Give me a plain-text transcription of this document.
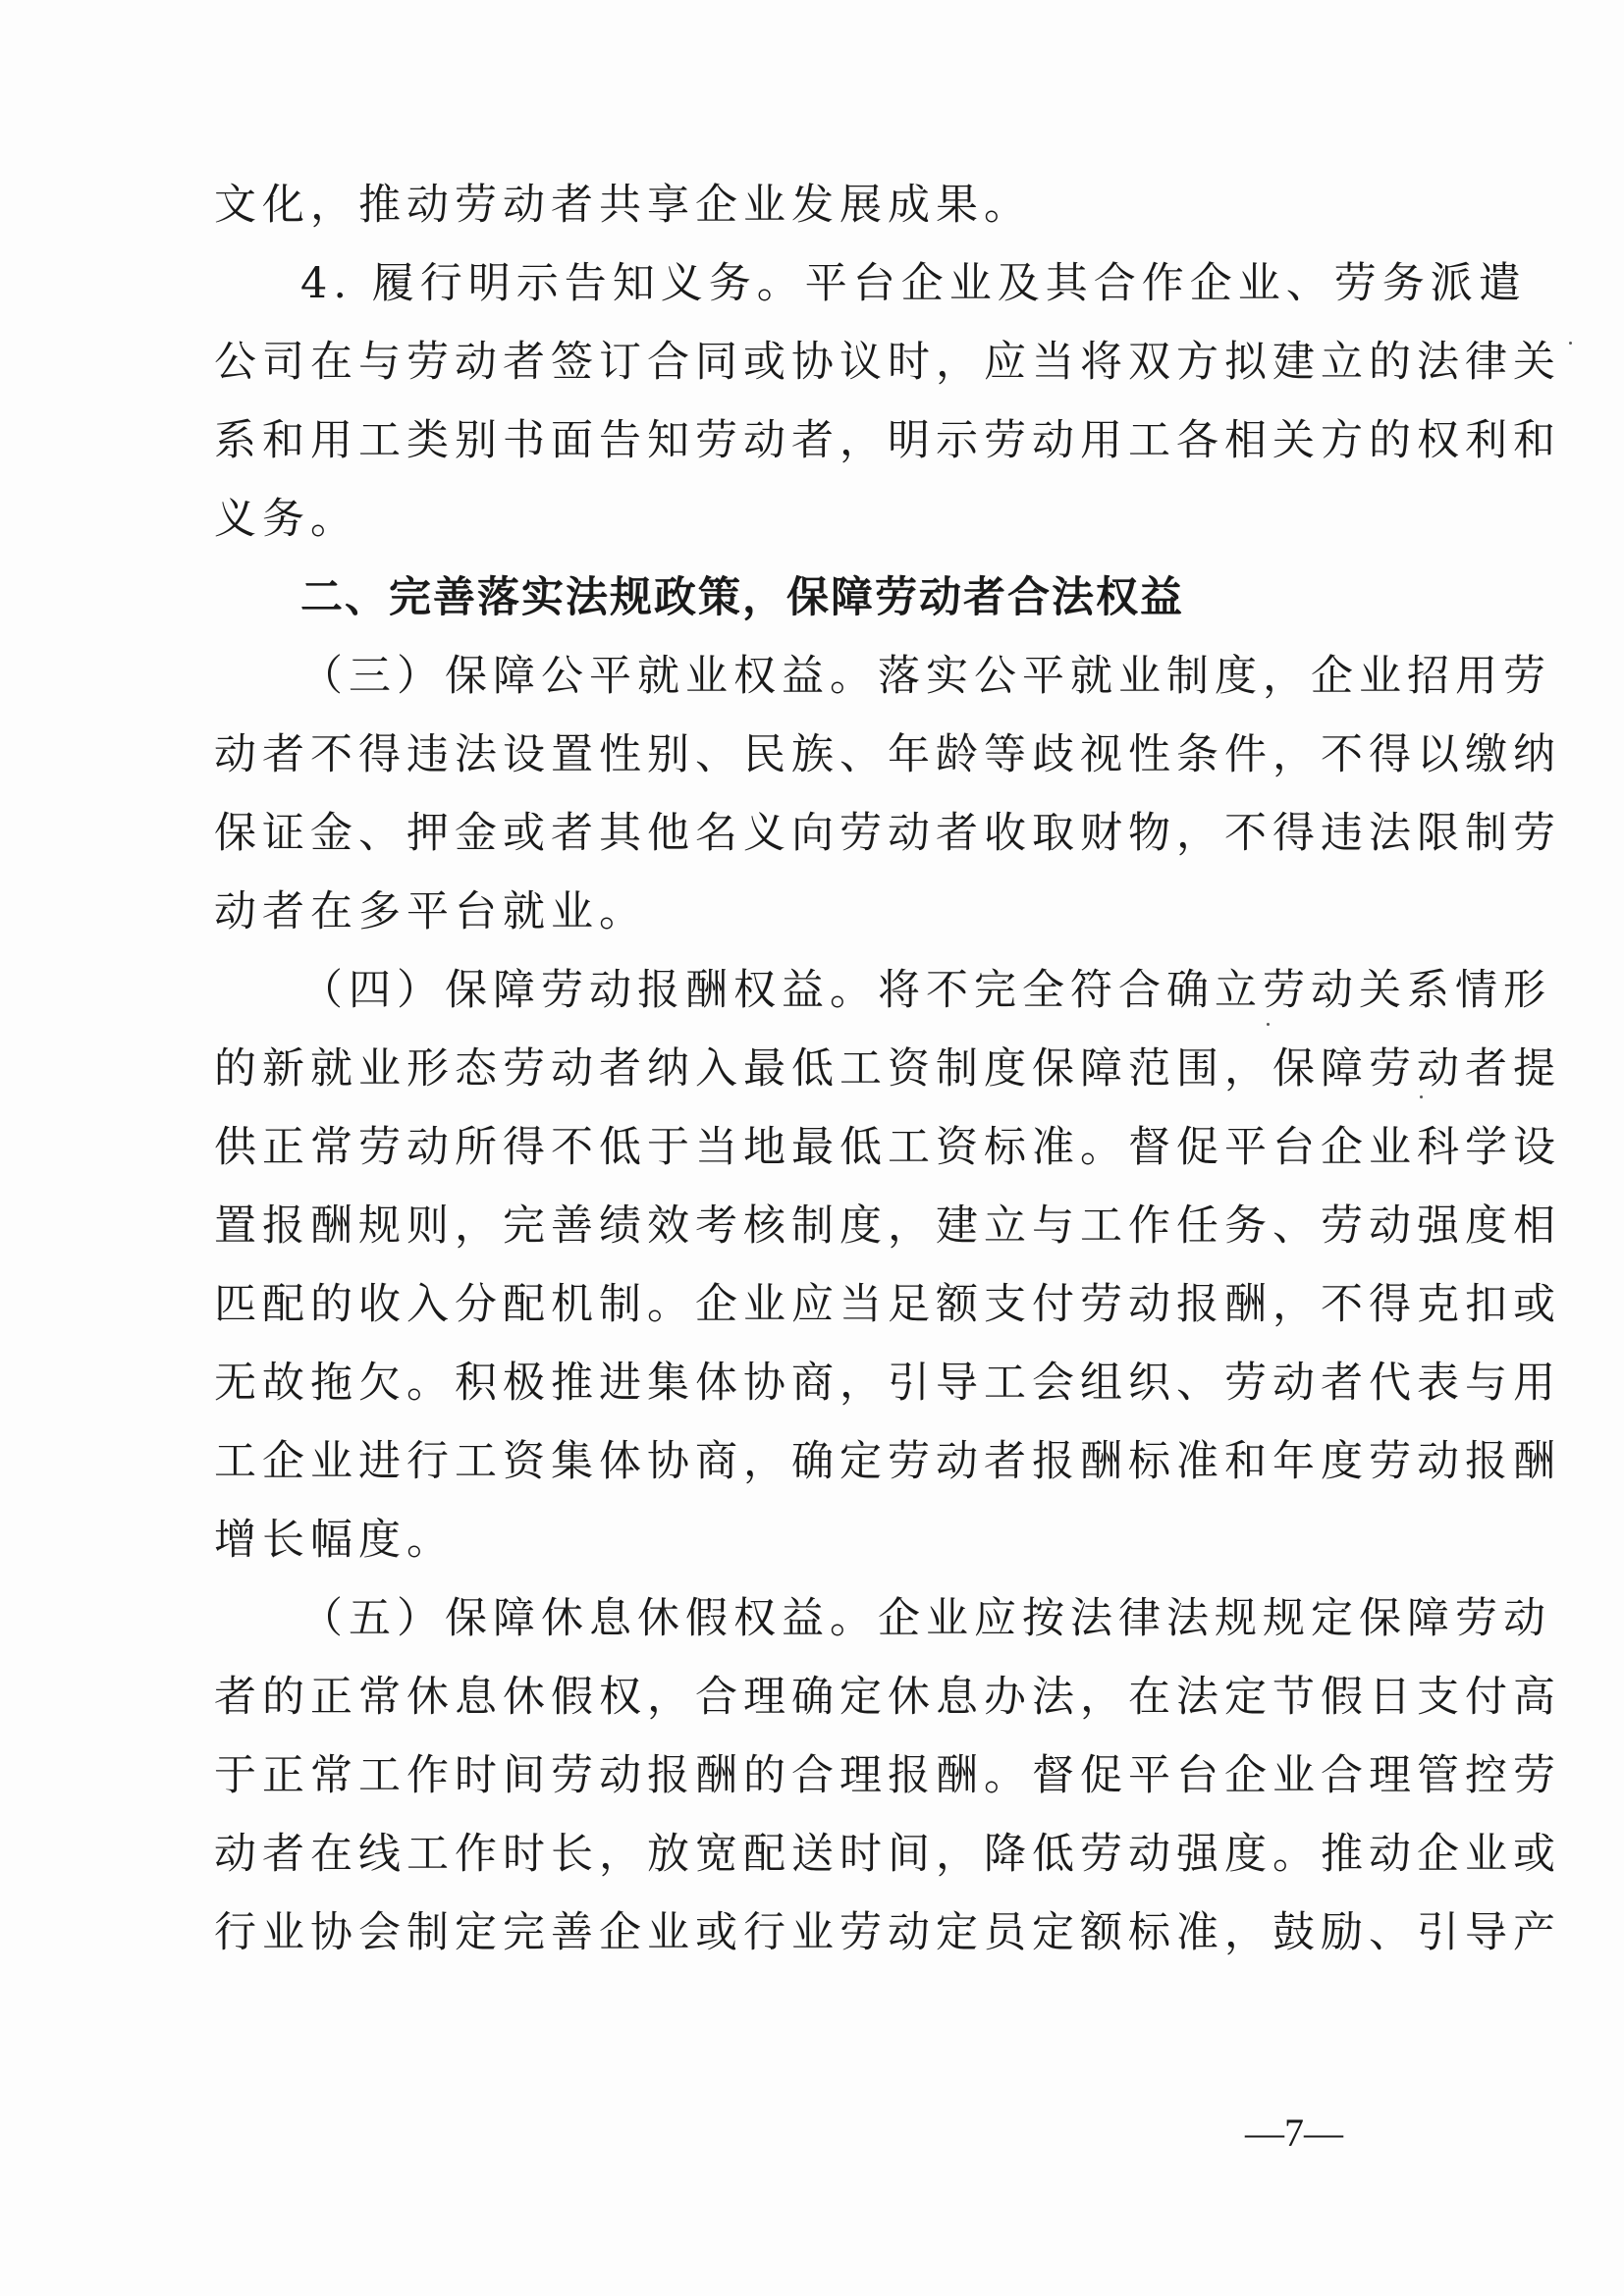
文化，推动劳动者共享企业发展成果。
4. 履行明示告知义务。平台企业及其合作企业、劳务派遣
公司在与劳动者签订合同或协议时，应当将双方拟建立的法律关
系和用工类别书面告知劳动者，明示劳动用工各相关方的权利和
义务。
二、完善落实法规政策，保障劳动者合法权益
（三）保障公平就业权益。落实公平就业制度，企业招用劳
动者不得违法设置性别、民族、年龄等歧视性条件，不得以缴纳
保证金、押金或者其他名义向劳动者收取财物，不得违法限制劳
动者在多平台就业。
（四）保障劳动报酬权益。将不完全符合确立劳动关系情形
的新就业形态劳动者纳入最低工资制度保障范围，保障劳动者提
供正常劳动所得不低于当地最低工资标准。督促平台企业科学设
置报酬规则，完善绩效考核制度，建立与工作任务、劳动强度相
匹配的收入分配机制。企业应当足额支付劳动报酬，不得克扣或
无故拖欠。积极推进集体协商，引导工会组织、劳动者代表与用
工企业进行工资集体协商，确定劳动者报酬标准和年度劳动报酬
增长幅度。
（五）保障休息休假权益。企业应按法律法规规定保障劳动
者的正常休息休假权，合理确定休息办法，在法定节假日支付高
于正常工作时间劳动报酬的合理报酬。督促平台企业合理管控劳
动者在线工作时长，放宽配送时间，降低劳动强度。推动企业或
行业协会制定完善企业或行业劳动定员定额标准，鼓励、引导产
—7—
